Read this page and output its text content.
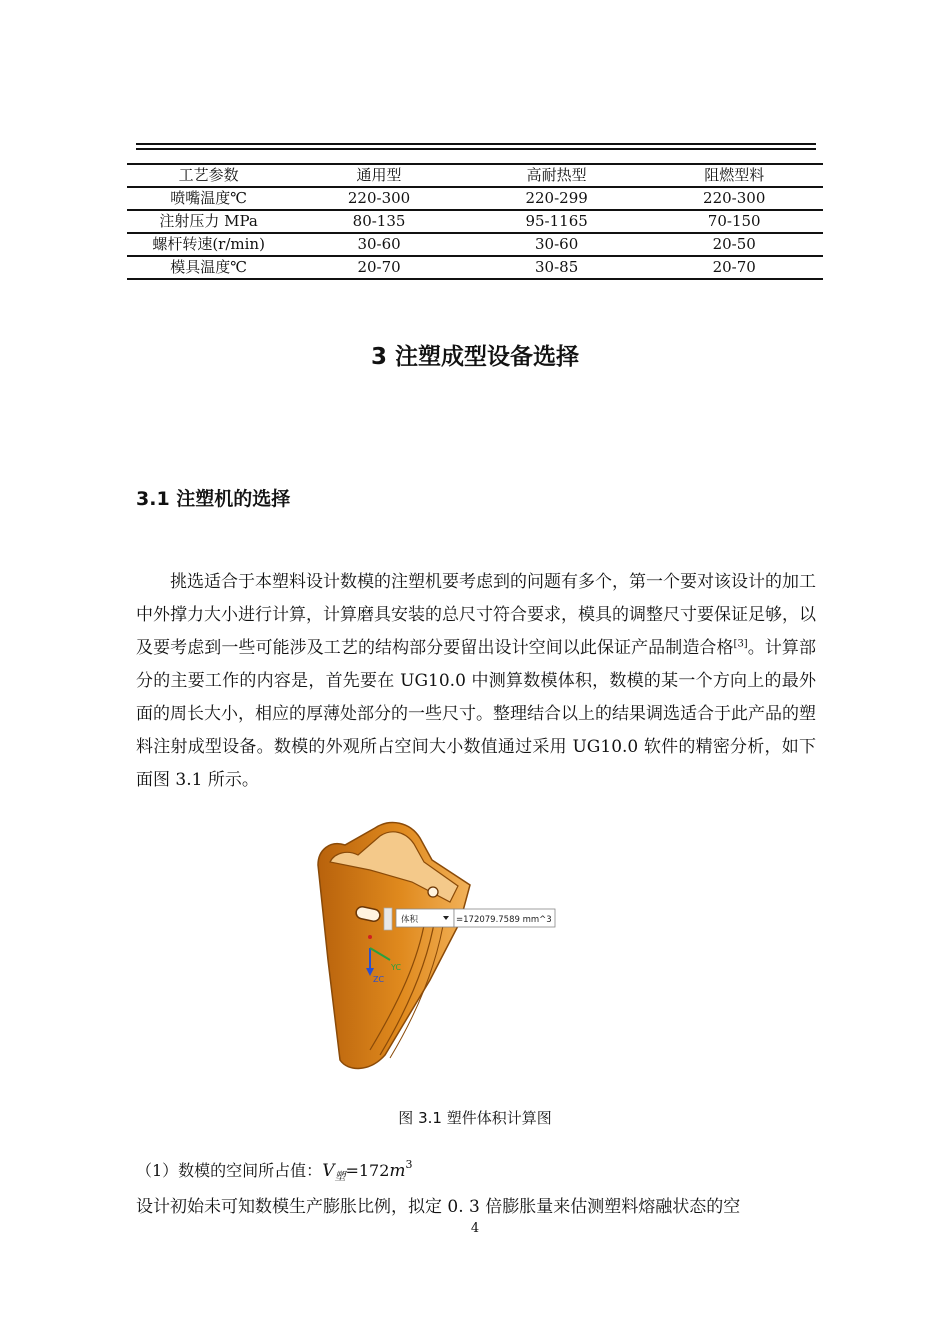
工艺参数	通用型	高耐热型	阻燃型料
喷嘴温度℃	220-300	220-299	220-300
注射压力 MPa	80-135	95-1165	70-150
螺杆转速(r/min)	30-60	30-60	20-50
模具温度℃	20-70	30-85	20-70
3 注塑成型设备选择
3.1 注塑机的选择
挑选适合于本塑料设计数模的注塑机要考虑到的问题有多个，第一个要对该设计的加工中外撑力大小进行计算，计算磨具安装的总尺寸符合要求，模具的调整尺寸要保证足够，以及要考虑到一些可能涉及工艺的结构部分要留出设计空间以此保证产品制造合格[3]。计算部分的主要工作的内容是，首先要在 UG10.0 中测算数模体积，数模的某一个方向上的最外面的周长大小，相应的厚薄处部分的一些尺寸。整理结合以上的结果调选适合于此产品的塑料注射成型设备。数模的外观所占空间大小数值通过采用 UG10.0 软件的精密分析，如下面图 3.1 所示。
ZC
YC
体积	=172079.7589 mm^3
图 3.1 塑件体积计算图
（1）数模的空间所占值：$V_塑=172m^3$
设计初始未可知数模生产膨胀比例，拟定 0. 3 倍膨胀量来估测塑料熔融状态的空
4
